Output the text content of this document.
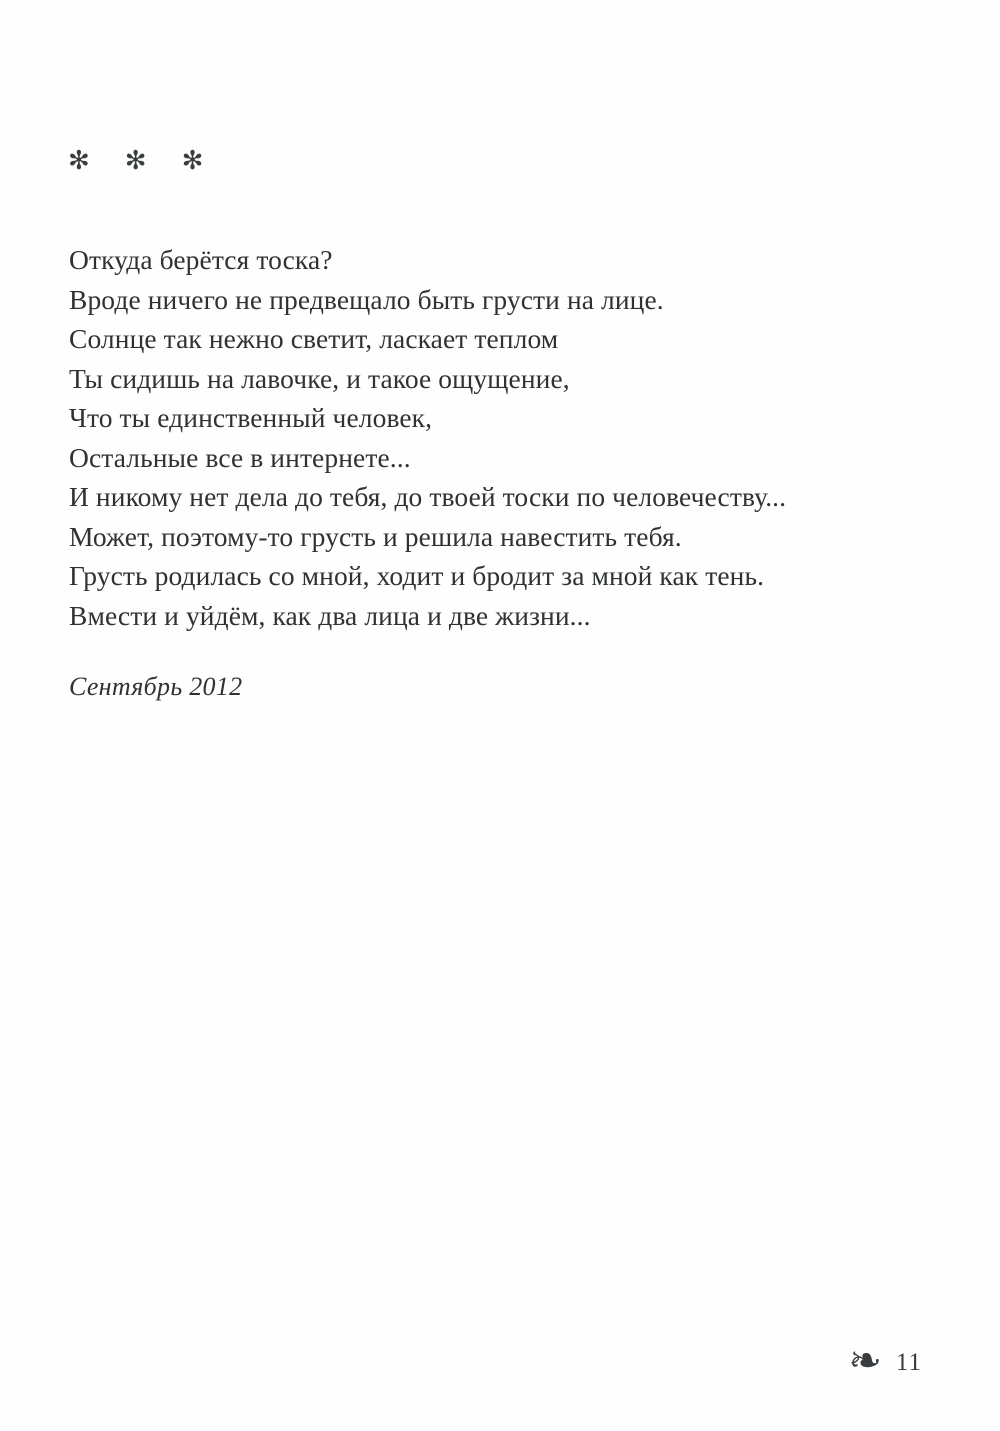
✻ ✻ ✻
Откуда берётся тоска?
Вроде ничего не предвещало быть грусти на лице.
Солнце так нежно светит, ласкает теплом
Ты сидишь на лавочке, и такое ощущение,
Что ты единственный человек,
Остальные все в интернете...
И никому нет дела до тебя, до твоей тоски по человечеству...
Может, поэтому-то грусть и решила навестить тебя.
Грусть родилась со мной, ходит и бродит за мной как тень.
Вмести и уйдём, как два лица и две жизни...
Сентябрь 2012
❧ 11
